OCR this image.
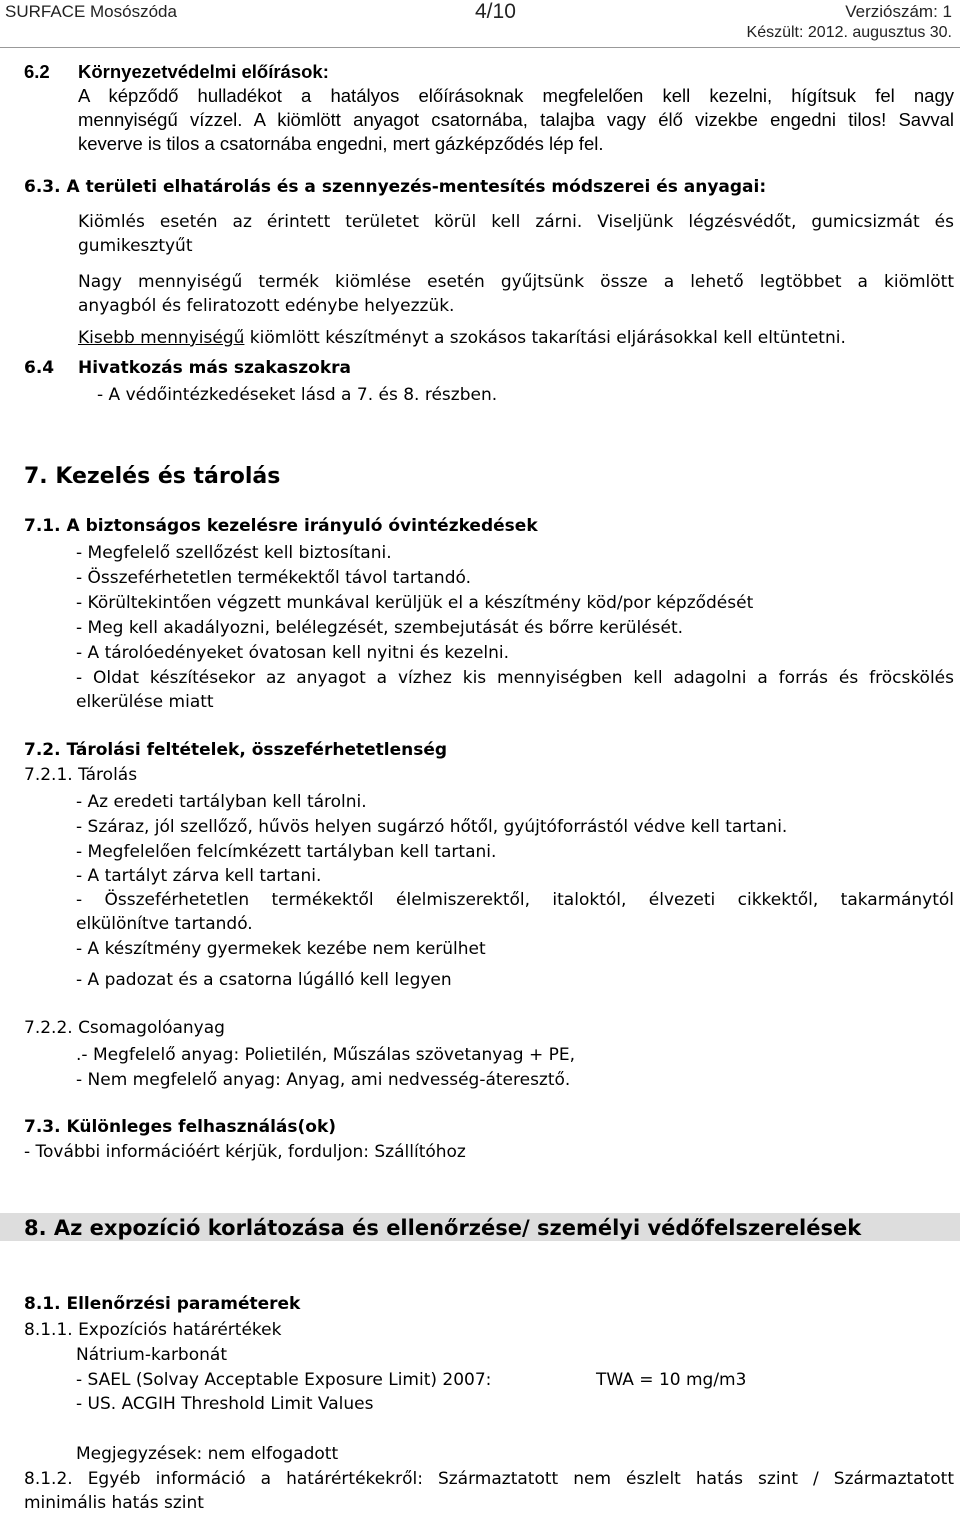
SURFACE Mosószóda	4/10	Verziószám: 1
Készült: 2012. augusztus 30.
6.2 Környezetvédelmi előírások:
A képződő hulladékot a hatályos előírásoknak megfelelően kell kezelni, hígítsuk fel nagy
mennyiségű vízzel. A kiömlött anyagot csatornába, talajba vagy élő vizekbe engedni tilos! Savval
keverve is tilos a csatornába engedni, mert gázképződés lép fel.
6.3. A területi elhatárolás és a szennyezés-mentesítés módszerei és anyagai:
Kiömlés esetén az érintett területet körül kell zárni. Viseljünk légzésvédőt, gumicsizmát és
gumikesztyűt
Nagy mennyiségű termék kiömlése esetén gyűjtsünk össze a lehető legtöbbet a kiömlött
anyagból és feliratozott edénybe helyezzük.
Kisebb mennyiségű kiömlött készítményt a szokásos takarítási eljárásokkal kell eltüntetni.
6.4 Hivatkozás más szakaszokra
- A védőintézkedéseket lásd a 7. és 8. részben.
7. Kezelés és tárolás
7.1. A biztonságos kezelésre irányuló óvintézkedések
- Megfelelő szellőzést kell biztosítani.
- Összeférhetetlen termékektől távol tartandó.
- Körültekintően végzett munkával kerüljük el a készítmény köd/por képződését
- Meg kell akadályozni, belélegzését, szembejutását és bőrre kerülését.
- A tárolóedényeket óvatosan kell nyitni és kezelni.
- Oldat készítésekor az anyagot a vízhez kis mennyiségben kell adagolni a forrás és fröcskölés
elkerülése miatt
7.2. Tárolási feltételek, összeférhetetlenség
7.2.1. Tárolás
- Az eredeti tartályban kell tárolni.
- Száraz, jól szellőző, hűvös helyen sugárzó hőtől, gyújtóforrástól védve kell tartani.
- Megfelelően felcímkézett tartályban kell tartani.
- A tartályt zárva kell tartani.
- Összeférhetetlen termékektől élelmiszerektől, italoktól, élvezeti cikkektől, takarmánytól
elkülönítve tartandó.
- A készítmény gyermekek kezébe nem kerülhet
- A padozat és a csatorna lúgálló kell legyen
7.2.2. Csomagolóanyag
.- Megfelelő anyag: Polietilén, Műszálas szövetanyag + PE,
- Nem megfelelő anyag: Anyag, ami nedvesség-áteresztő.
7.3. Különleges felhasználás(ok)
- További információért kérjük, forduljon: Szállítóhoz
8. Az expozíció korlátozása és ellenőrzése/ személyi védőfelszerelések
8.1. Ellenőrzési paraméterek
8.1.1. Expozíciós határértékek
Nátrium-karbonát
- SAEL (Solvay Acceptable Exposure Limit) 2007:	TWA = 10 mg/m3
- US. ACGIH Threshold Limit Values
Megjegyzések: nem elfogadott
8.1.2. Egyéb információ a határértékekről: Származtatott nem észlelt hatás szint / Származtatott
minimális hatás szint
